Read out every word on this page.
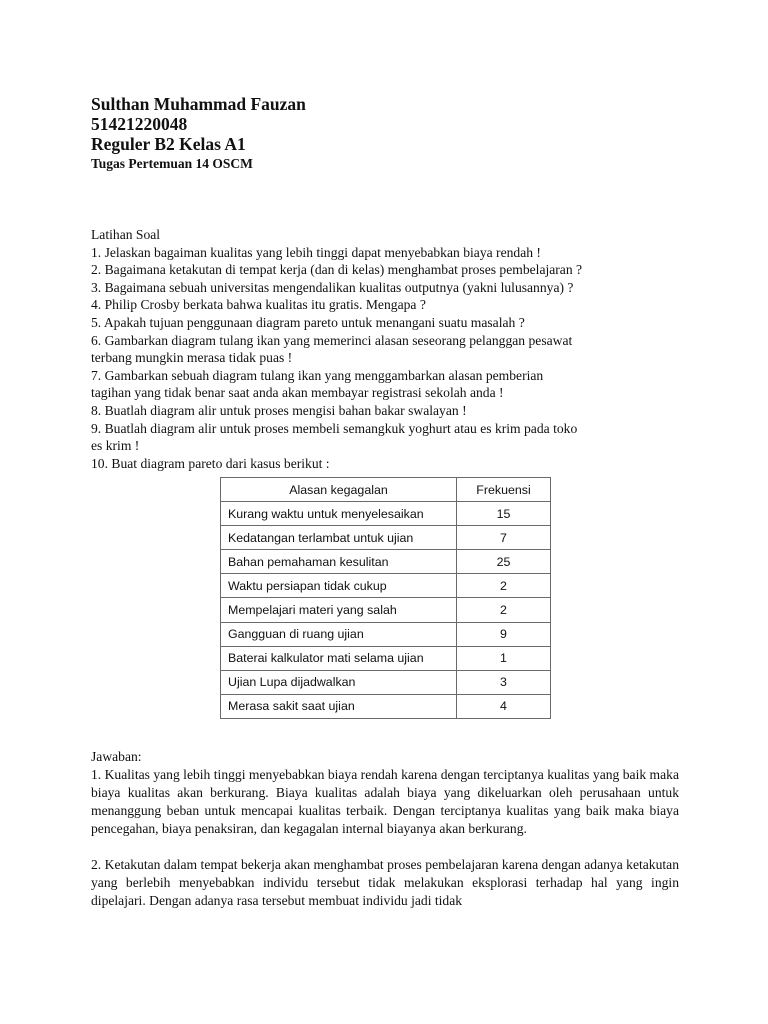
Sulthan Muhammad Fauzan

51421220048

Reguler B2 Kelas A1

Tugas Pertemuan 14 OSCM

Latihan Soal

1. Jelaskan bagaiman kualitas yang lebih tinggi dapat menyebabkan biaya rendah !

2. Bagaimana ketakutan di tempat kerja (dan di kelas) menghambat proses pembelajaran ?

3. Bagaimana sebuah universitas mengendalikan kualitas outputnya (yakni lulusannya) ?

4. Philip Crosby berkata bahwa kualitas itu gratis. Mengapa ?

5. Apakah tujuan penggunaan diagram pareto untuk menangani suatu masalah ?

6. Gambarkan diagram tulang ikan yang memerinci alasan seseorang pelanggan pesawat

terbang mungkin merasa tidak puas !

7. Gambarkan sebuah diagram tulang ikan yang menggambarkan alasan pemberian

tagihan yang tidak benar saat anda akan membayar registrasi sekolah anda !

8. Buatlah diagram alir untuk proses mengisi bahan bakar swalayan !

9. Buatlah diagram alir untuk proses membeli semangkuk yoghurt atau es krim pada toko

es krim !

10. Buat diagram pareto dari kasus berikut :

Alasan kegagalan	Frekuensi
Kurang waktu untuk menyelesaikan	15
Kedatangan terlambat untuk ujian	7
Bahan pemahaman kesulitan	25
Waktu persiapan tidak cukup	2
Mempelajari materi yang salah	2
Gangguan di ruang ujian	9
Baterai kalkulator mati selama ujian	1
Ujian Lupa dijadwalkan	3
Merasa sakit saat ujian	4

Jawaban:

1. Kualitas yang lebih tinggi menyebabkan biaya rendah karena dengan terciptanya kualitas yang baik maka biaya kualitas akan berkurang. Biaya kualitas adalah biaya yang dikeluarkan oleh perusahaan untuk menanggung beban untuk mencapai kualitas terbaik. Dengan terciptanya kualitas yang baik maka biaya pencegahan, biaya penaksiran, dan kegagalan internal biayanya akan berkurang.

2. Ketakutan dalam tempat bekerja akan menghambat proses pembelajaran karena dengan adanya ketakutan yang berlebih menyebabkan individu tersebut tidak melakukan eksplorasi terhadap hal yang ingin dipelajari. Dengan adanya rasa tersebut membuat individu jadi tidak
